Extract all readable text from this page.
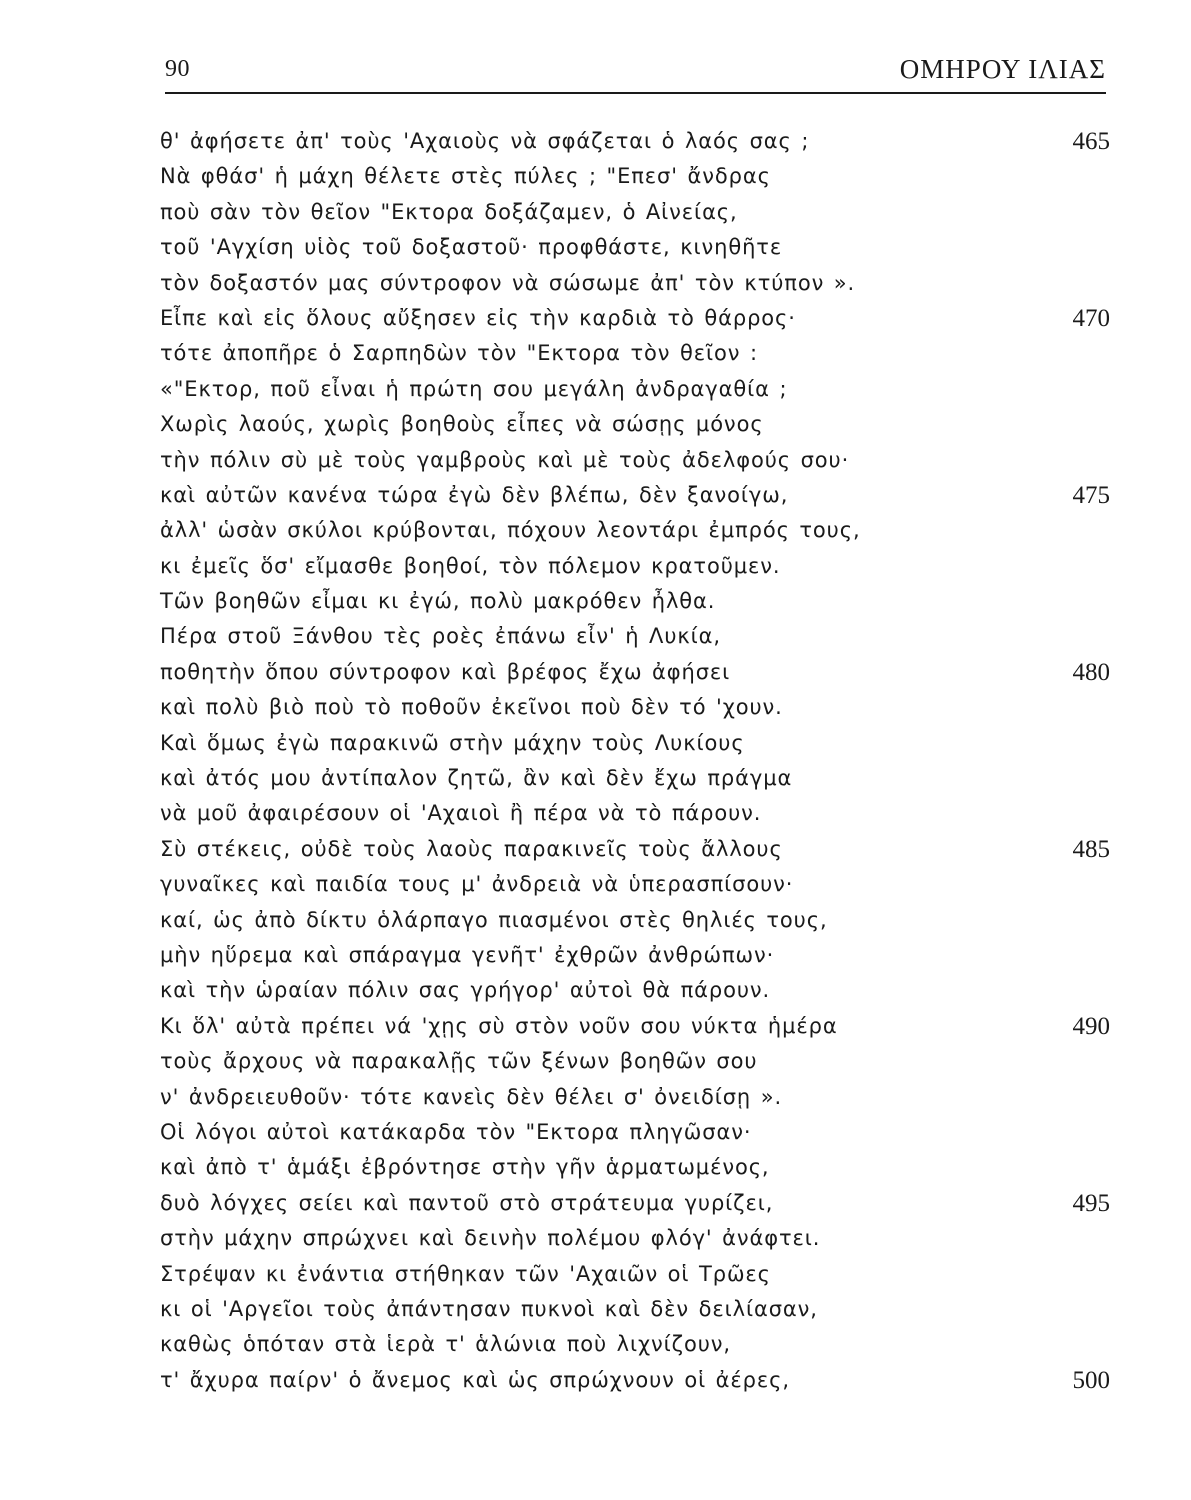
90	ΟΜΗΡΟΥ ΙΛΙΑΣ
θ' ἀφήσετε ἀπ' τοὺς 'Αχαιοὺς νὰ σφάζεται ὁ λαός σας ;	465
Νὰ φθάσ' ἡ μάχη θέλετε στὲς πύλες ; "Επεσ' ἄνδρας
ποὺ σὰν τὸν θεῖον "Εκτορα δοξάζαμεν, ὁ Αἰνείας,
τοῦ 'Αγχίση υἱὸς τοῦ δοξαστοῦ· προφθάστε, κινηθῆτε
τὸν δοξαστόν μας σύντροφον νὰ σώσωμε ἀπ' τὸν κτύπον ».
Εἶπε καὶ εἰς ὅλους αὔξησεν εἰς τὴν καρδιὰ τὸ θάρρος·	470
τότε ἀποπῆρε ὁ Σαρπηδὼν τὸν "Εκτορα τὸν θεῖον :
«"Εκτορ, ποῦ εἶναι ἡ πρώτη σου μεγάλη ἀνδραγαθία ;
Χωρὶς λαούς, χωρὶς βοηθοὺς εἶπες νὰ σώσῃς μόνος
τὴν πόλιν σὺ μὲ τοὺς γαμβροὺς καὶ μὲ τοὺς ἀδελφούς σου·
καὶ αὐτῶν κανένα τώρα ἐγὼ δὲν βλέπω, δὲν ξανοίγω,	475
ἀλλ' ὡσὰν σκύλοι κρύβονται, πόχουν λεοντάρι ἐμπρός τους,
κι ἐμεῖς ὅσ' εἴμασθε βοηθοί, τὸν πόλεμον κρατοῦμεν.
Τῶν βοηθῶν εἶμαι κι ἐγώ, πολὺ μακρόθεν ἦλθα.
Πέρα στοῦ Ξάνθου τὲς ροὲς ἐπάνω εἶν' ἡ Λυκία,
ποθητὴν ὅπου σύντροφον καὶ βρέφος ἔχω ἀφήσει	480
καὶ πολὺ βιὸ ποὺ τὸ ποθοῦν ἐκεῖνοι ποὺ δὲν τό 'χουν.
Καὶ ὅμως ἐγὼ παρακινῶ στὴν μάχην τοὺς Λυκίους
καὶ ἀτός μου ἀντίπαλον ζητῶ, ἂν καὶ δὲν ἔχω πράγμα
νὰ μοῦ ἀφαιρέσουν οἱ 'Αχαιοὶ ἢ πέρα νὰ τὸ πάρουν.
Σὺ στέκεις, οὐδὲ τοὺς λαοὺς παρακινεῖς τοὺς ἄλλους	485
γυναῖκες καὶ παιδία τους μ' ἀνδρειὰ νὰ ὑπερασπίσουν·
καί, ὡς ἀπὸ δίκτυ ὁλάρπαγο πιασμένοι στὲς θηλιές τους,
μὴν ηὕρεμα καὶ σπάραγμα γενῆτ' ἐχθρῶν ἀνθρώπων·
καὶ τὴν ὡραίαν πόλιν σας γρήγορ' αὐτοὶ θὰ πάρουν.
Κι ὅλ' αὐτὰ πρέπει νά 'χῃς σὺ στὸν νοῦν σου νύκτα ἡμέρα	490
τοὺς ἄρχους νὰ παρακαλῇς τῶν ξένων βοηθῶν σου
ν' ἀνδρειευθοῦν· τότε κανεὶς δὲν θέλει σ' ὀνειδίσῃ ».
Οἱ λόγοι αὐτοὶ κατάκαρδα τὸν "Εκτορα πληγῶσαν·
καὶ ἀπὸ τ' ἁμάξι ἐβρόντησε στὴν γῆν ἁρματωμένος,
δυὸ λόγχες σείει καὶ παντοῦ στὸ στράτευμα γυρίζει,	495
στὴν μάχην σπρώχνει καὶ δεινὴν πολέμου φλόγ' ἀνάφτει.
Στρέψαν κι ἐνάντια στήθηκαν τῶν 'Αχαιῶν οἱ Τρῶες
κι οἱ 'Αργεῖοι τοὺς ἀπάντησαν πυκνοὶ καὶ δὲν δειλίασαν,
καθὼς ὁπόταν στὰ ἱερὰ τ' ἁλώνια ποὺ λιχνίζουν,
τ' ἄχυρα παίρν' ὁ ἄνεμος καὶ ὡς σπρώχνουν οἱ ἀέρες,	500
